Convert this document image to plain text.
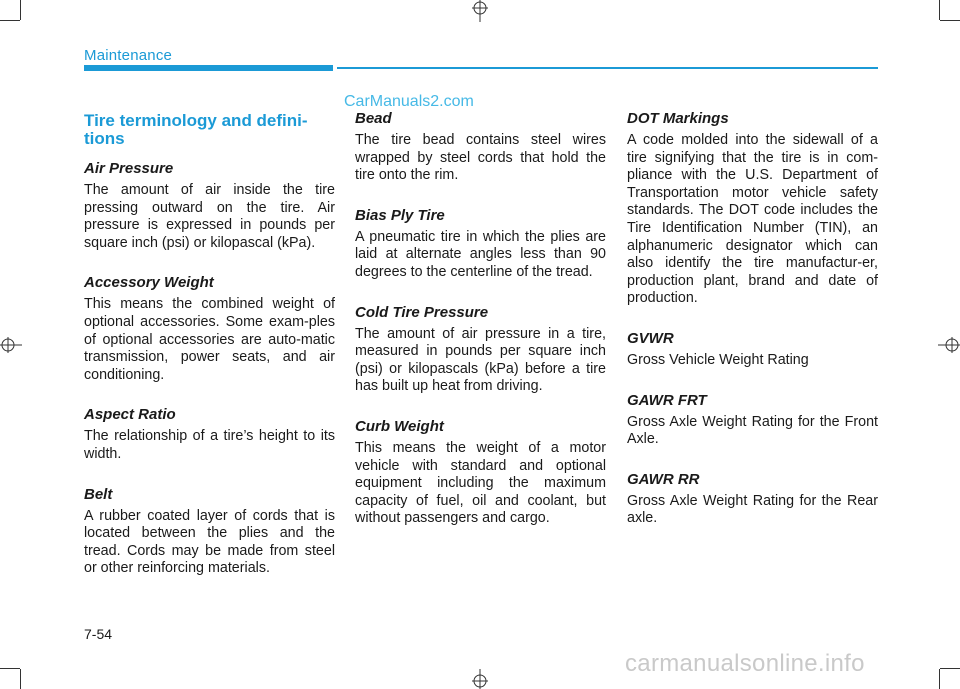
Maintenance
CarManuals2.com
Tire terminology and defini-
tions
Air Pressure
The amount of air inside the tire pressing outward on the tire. Air pressure is expressed in pounds per square inch (psi) or kilopascal (kPa).
Accessory Weight
This means the combined weight of optional accessories. Some exam-ples of optional accessories are auto-matic transmission, power seats, and air conditioning.
Aspect Ratio
The relationship of a tire’s height to its width.
Belt
A rubber coated layer of cords that is located between the plies and the tread. Cords may be made from steel or other reinforcing materials.
Bead
The tire bead contains steel wires wrapped by steel cords that hold the tire onto the rim.
Bias Ply Tire
A pneumatic tire in which the plies are laid at alternate angles less than 90 degrees to the centerline of the tread.
Cold Tire Pressure
The amount of air pressure in a tire, measured in pounds per square inch (psi) or kilopascals (kPa) before a tire has built up heat from driving.
Curb Weight
This means the weight of a motor vehicle with standard and optional equipment including the maximum capacity of fuel, oil and coolant, but without passengers and cargo.
DOT Markings
A code molded into the sidewall of a tire signifying that the tire is in com-pliance with the U.S. Department of Transportation motor vehicle safety standards. The DOT code includes the Tire Identification Number (TIN), an alphanumeric designator which can also identify the tire manufactur-er, production plant, brand and date of production.
GVWR
Gross Vehicle Weight Rating
GAWR FRT
Gross Axle Weight Rating for the Front Axle.
GAWR RR
Gross Axle Weight Rating for the Rear axle.
7-54
carmanualsonline.info
